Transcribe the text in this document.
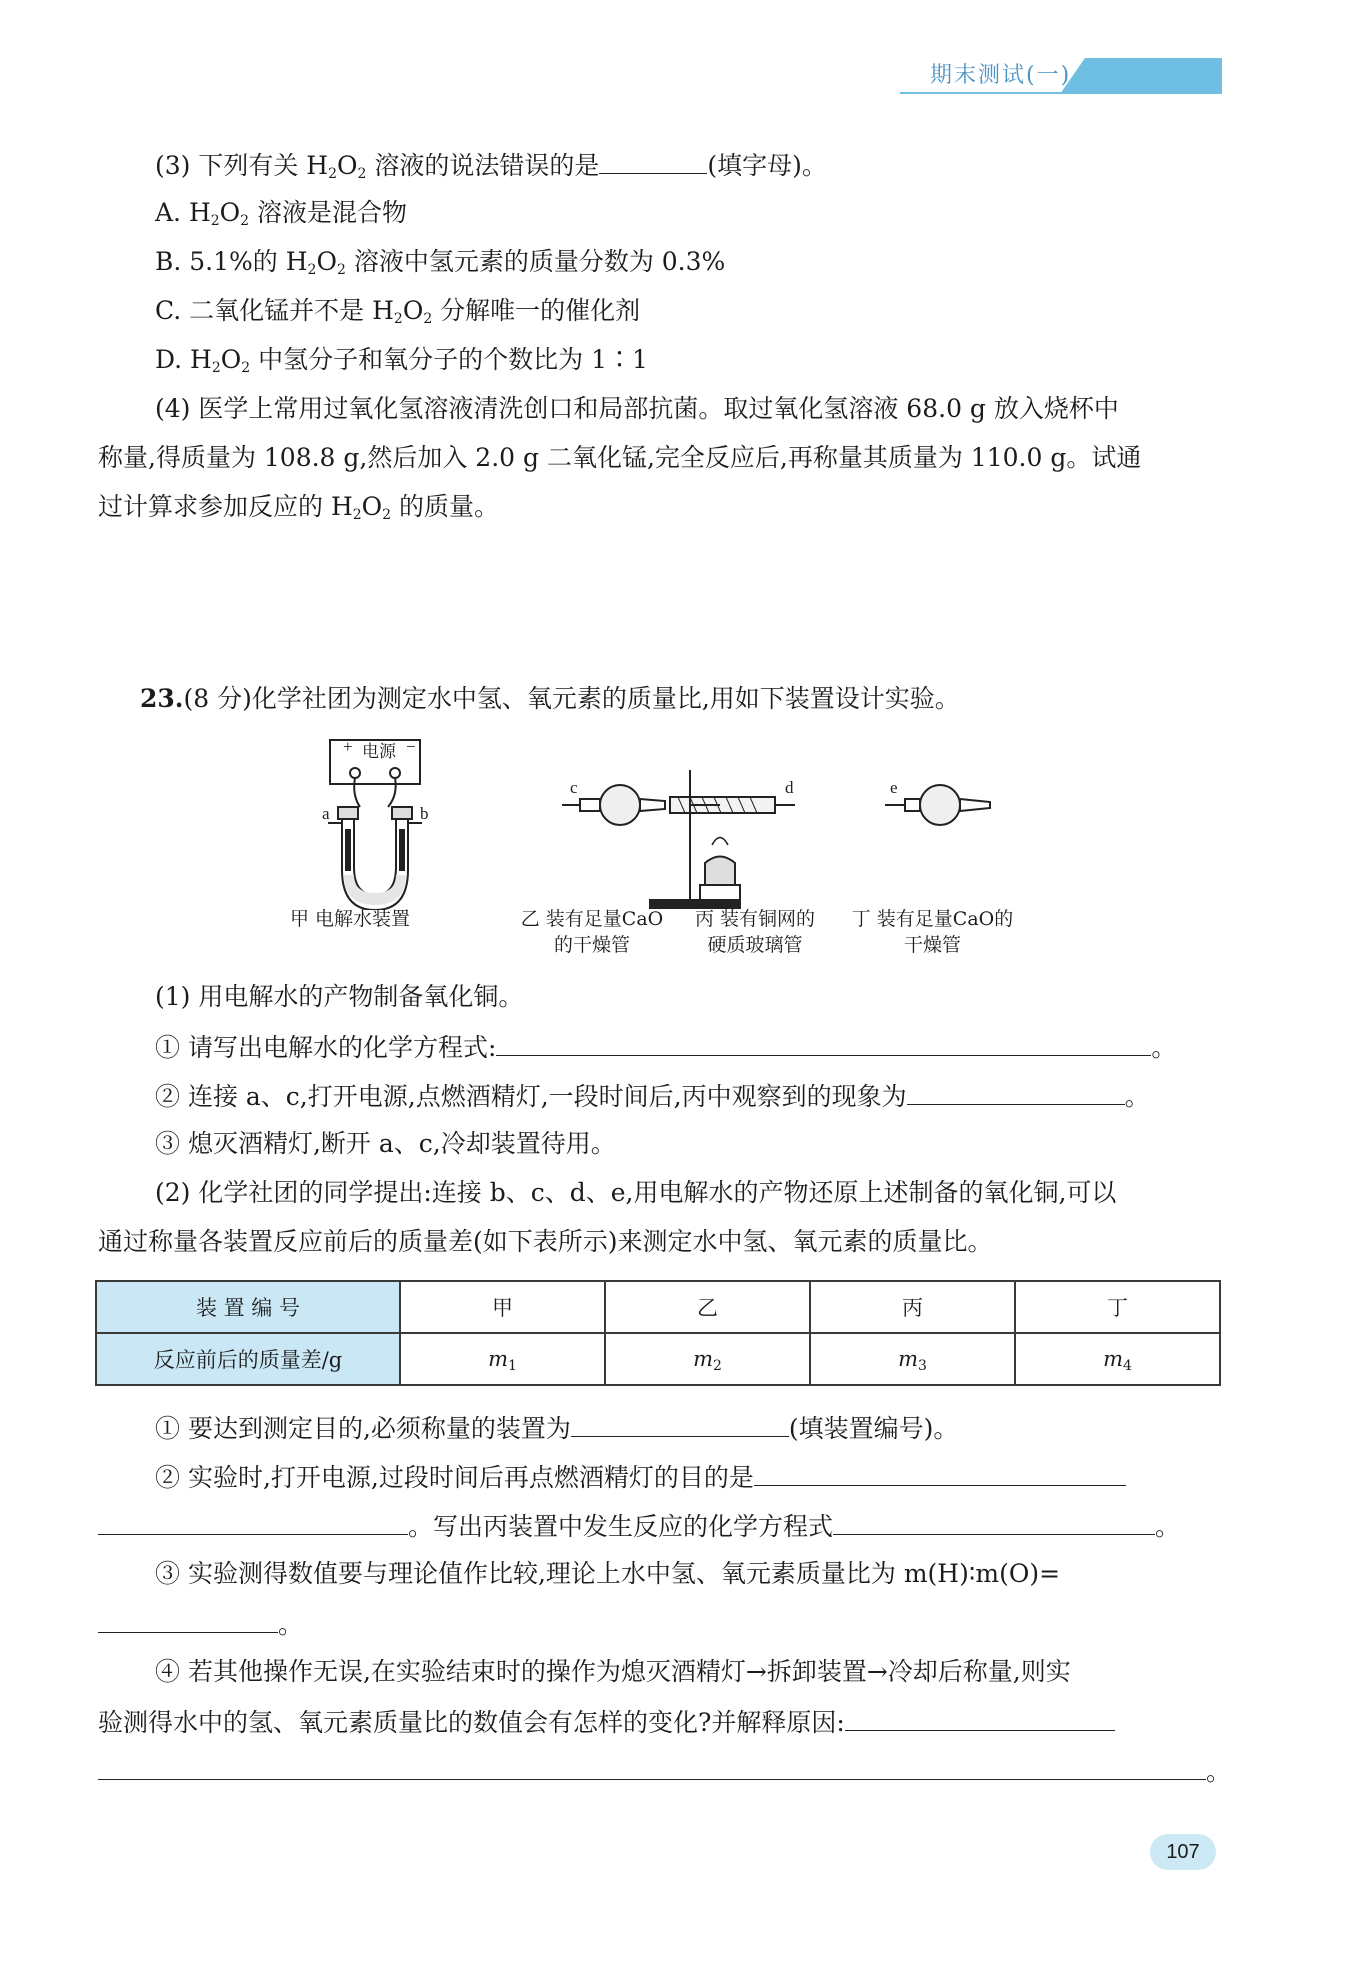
期末测试(一)
(3) 下列有关 $H_2O_2$ 溶液的说法错误的是	(填字母)。
A. $H_2O_2$ 溶液是混合物
B. 5.1%的 $H_2O_2$ 溶液中氢元素的质量分数为 0.3%
C. 二氧化锰并不是 $H_2O_2$ 分解唯一的催化剂
D. $H_2O_2$ 中氢分子和氧分子的个数比为 1∶1
(4) 医学上常用过氧化氢溶液清洗创口和局部抗菌。取过氧化氢溶液 68.0 g 放入烧杯中
称量,得质量为 108.8 g,然后加入 2.0 g 二氧化锰,完全反应后,再称量其质量为 110.0 g。试通
过计算求参加反应的 $H_2O_2$ 的质量。
23.(8 分)化学社团为测定水中氢、氧元素的质量比,用如下装置设计实验。
+ 电源 −
a	b
c	d	e
甲 电解水装置	乙 装有足量CaO
的干燥管
丙 装有铜网的
硬质玻璃管
丁 装有足量CaO的
干燥管
(1) 用电解水的产物制备氧化铜。
① 请写出电解水的化学方程式:	。
② 连接 a、c,打开电源,点燃酒精灯,一段时间后,丙中观察到的现象为	。
③ 熄灭酒精灯,断开 a、c,冷却装置待用。
(2) 化学社团的同学提出:连接 b、c、d、e,用电解水的产物还原上述制备的氧化铜,可以
通过称量各装置反应前后的质量差(如下表所示)来测定水中氢、氧元素的质量比。
装 置 编 号	甲	乙	丙	丁
反应前后的质量差/g	$m_1$	$m_2$	$m_3$	$m_4$
① 要达到测定目的,必须称量的装置为	(填装置编号)。
② 实验时,打开电源,过段时间后再点燃酒精灯的目的是
。写出丙装置中发生反应的化学方程式	。
③ 实验测得数值要与理论值作比较,理论上水中氢、氧元素质量比为 m(H)∶m(O)=
。
④ 若其他操作无误,在实验结束时的操作为熄灭酒精灯→拆卸装置→冷却后称量,则实
验测得水中的氢、氧元素质量比的数值会有怎样的变化?并解释原因:
。
107
